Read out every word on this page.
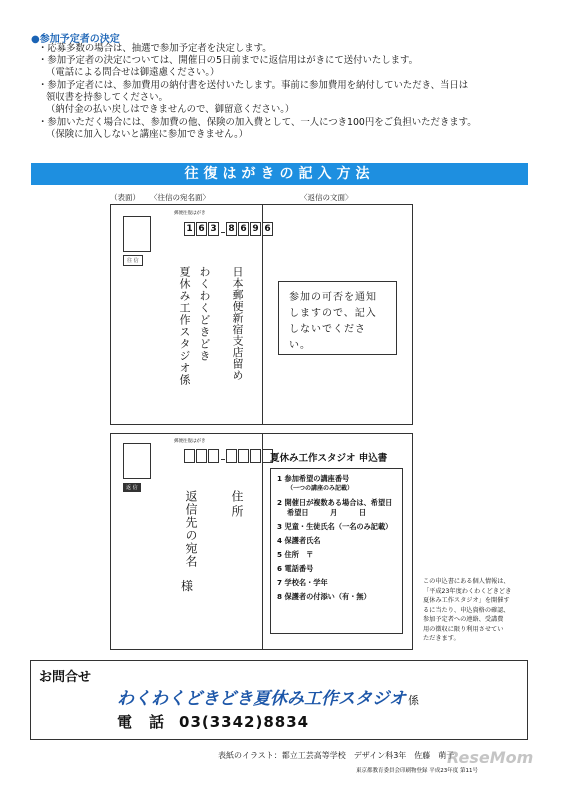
●参加予定者の決定
・応募多数の場合は、抽選で参加予定者を決定します。
・参加予定者の決定については、開催日の5日前までに返信用はがきにて送付いたします。
（電話による問合せは御遠慮ください。）
・参加予定者には、参加費用の納付書を送付いたします。事前に参加費用を納付していただき、当日は
領収書を持参してください。
（納付金の払い戻しはできませんので、御留意ください。）
・参加いただく場合には、参加費の他、保険の加入費として、一人につき100円をご負担いただきます。
（保険に加入しないと講座に参加できません。）
往復はがきの記入方法
（表面） 〈往信の宛名面〉	〈返信の文面〉
郵便往復はがき
往 信
1 6 3 8 6 9 6
日本郵便新宿支店留め
わくわくどきどき
夏休み工作スタジオ係	参加の可否を通知しますので、記入しないでください。
郵便往復はがき
返 信
住所
返信先の宛名
様
夏休み工作スタジオ 申込書
1 参加希望の講座番号
（一つの講座のみ記載）
2 開催日が複数ある場合は、希望日
希望日　　　月　　　日
3 児童・生徒氏名（一名のみ記載）
4 保護者氏名
5 住所　〒
6 電話番号
7 学校名・学年
8 保護者の付添い（有・無）
この申込書にある個人情報は、
「平成23年度わくわくどきどき
夏休み工作スタジオ」を開催す
るに当たり、申込資格の確認、
参加予定者への連絡、受講費
用の徴収に限り利用させてい
ただきます。
お問合せ
わくわくどきどき夏休み工作スタジオ 係
電　話 03(3342)8834
表紙のイラスト：都立工芸高等学校　デザイン科3年　佐藤　萌子
東京都教育委員会印刷物登録 平成23年度 第11号
ReseMom
